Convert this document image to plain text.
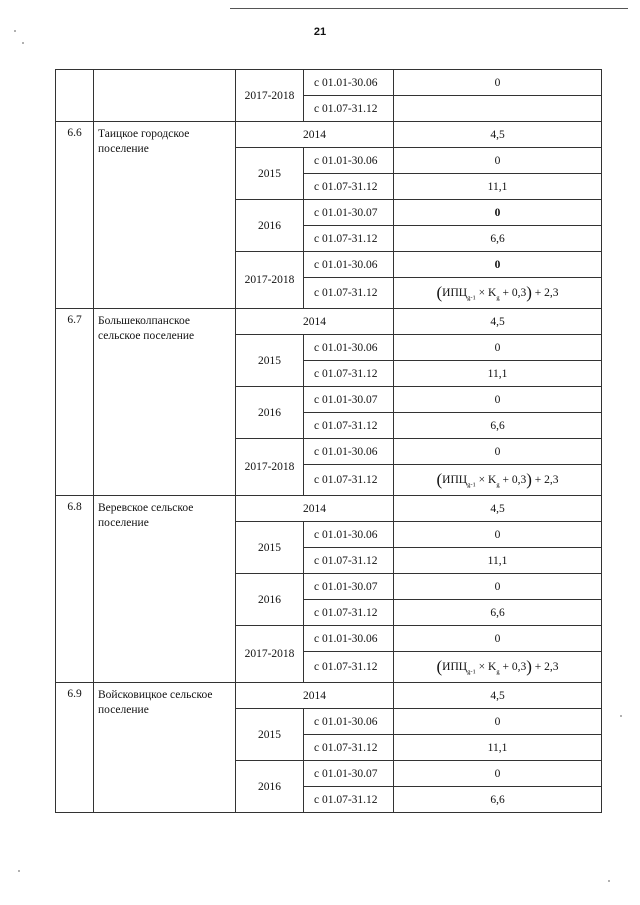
21
		2017-2018	с 01.01-30.06	0
			с 01.07-31.12	
6.6	Таицкое городское поселение	2014		4,5
		2015	с 01.01-30.06	0
			с 01.07-31.12	11,1
		2016	с 01.01-30.07	0
			с 01.07-31.12	6,6
		2017-2018	с 01.01-30.06	0
			с 01.07-31.12	$(ИПЦ_{g-1} \times K_g + 0,3) + 2,3$
6.7	Большеколпанское сельское поселение	2014		4,5
		2015	с 01.01-30.06	0
			с 01.07-31.12	11,1
		2016	с 01.01-30.07	0
			с 01.07-31.12	6,6
		2017-2018	с 01.01-30.06	0
			с 01.07-31.12	$(ИПЦ_{g-1} \times K_g + 0,3) + 2,3$
6.8	Веревское сельское поселение	2014		4,5
		2015	с 01.01-30.06	0
			с 01.07-31.12	11,1
		2016	с 01.01-30.07	0
			с 01.07-31.12	6,6
		2017-2018	с 01.01-30.06	0
			с 01.07-31.12	$(ИПЦ_{g-1} \times K_g + 0,3) + 2,3$
6.9	Войсковицкое сельское поселение	2014		4,5
		2015	с 01.01-30.06	0
			с 01.07-31.12	11,1
		2016	с 01.01-30.07	0
			с 01.07-31.12	6,6
